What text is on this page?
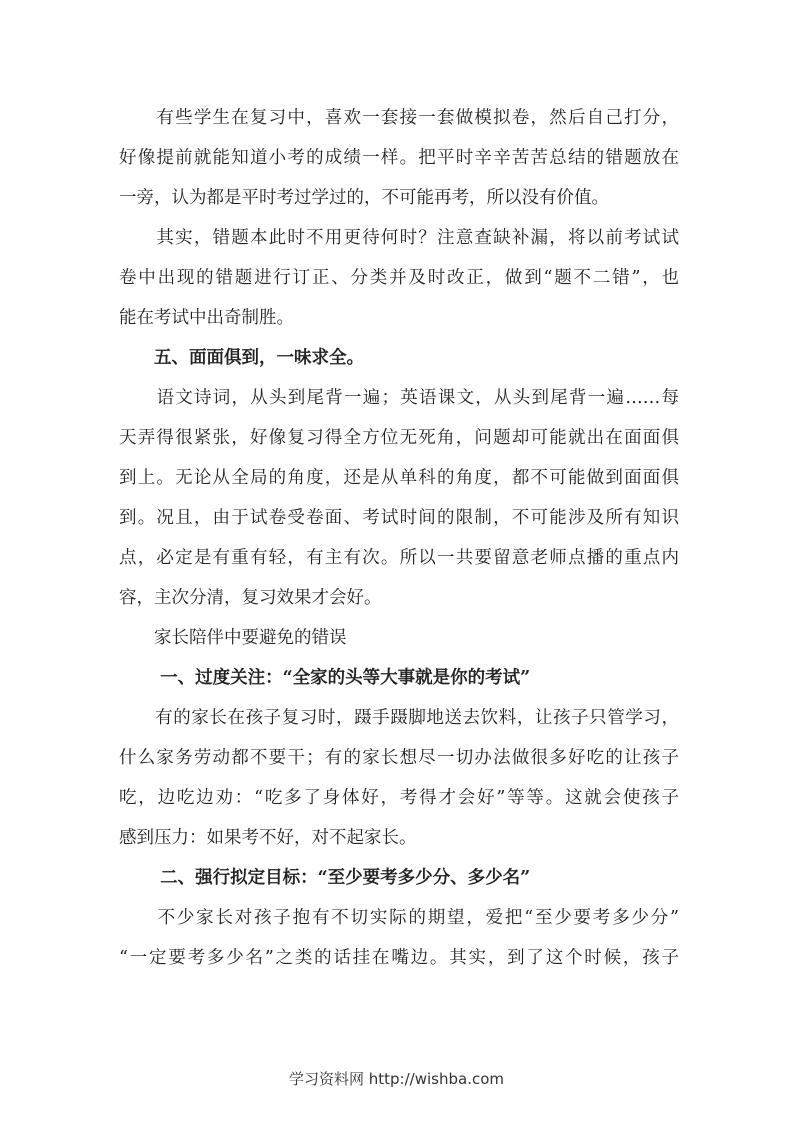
　　有些学生在复习中，喜欢一套接一套做模拟卷，然后自己打分，
好像提前就能知道小考的成绩一样。把平时辛辛苦苦总结的错题放在
一旁，认为都是平时考过学过的，不可能再考，所以没有价值。
　　其实，错题本此时不用更待何时？注意查缺补漏，将以前考试试
卷中出现的错题进行订正、分类并及时改正，做到“题不二错”，也
能在考试中出奇制胜。
　　五、面面俱到，一味求全。
　　语文诗词，从头到尾背一遍；英语课文，从头到尾背一遍……每
天弄得很紧张，好像复习得全方位无死角，问题却可能就出在面面俱
到上。无论从全局的角度，还是从单科的角度，都不可能做到面面俱
到。况且，由于试卷受卷面、考试时间的限制，不可能涉及所有知识
点，必定是有重有轻，有主有次。所以一共要留意老师点播的重点内
容，主次分清，复习效果才会好。
　　家长陪伴中要避免的错误
　　 一、过度关注：“全家的头等大事就是你的考试”
　　有的家长在孩子复习时，蹑手蹑脚地送去饮料，让孩子只管学习，
什么家务劳动都不要干；有的家长想尽一切办法做很多好吃的让孩子
吃，边吃边劝：“吃多了身体好，考得才会好”等等。这就会使孩子
感到压力：如果考不好，对不起家长。
　　 二、强行拟定目标：“至少要考多少分、多少名”
　　不少家长对孩子抱有不切实际的期望，爱把“至少要考多少分”
“一定要考多少名”之类的话挂在嘴边。其实，到了这个时候，孩子
学习资料网 http://wishba.com
